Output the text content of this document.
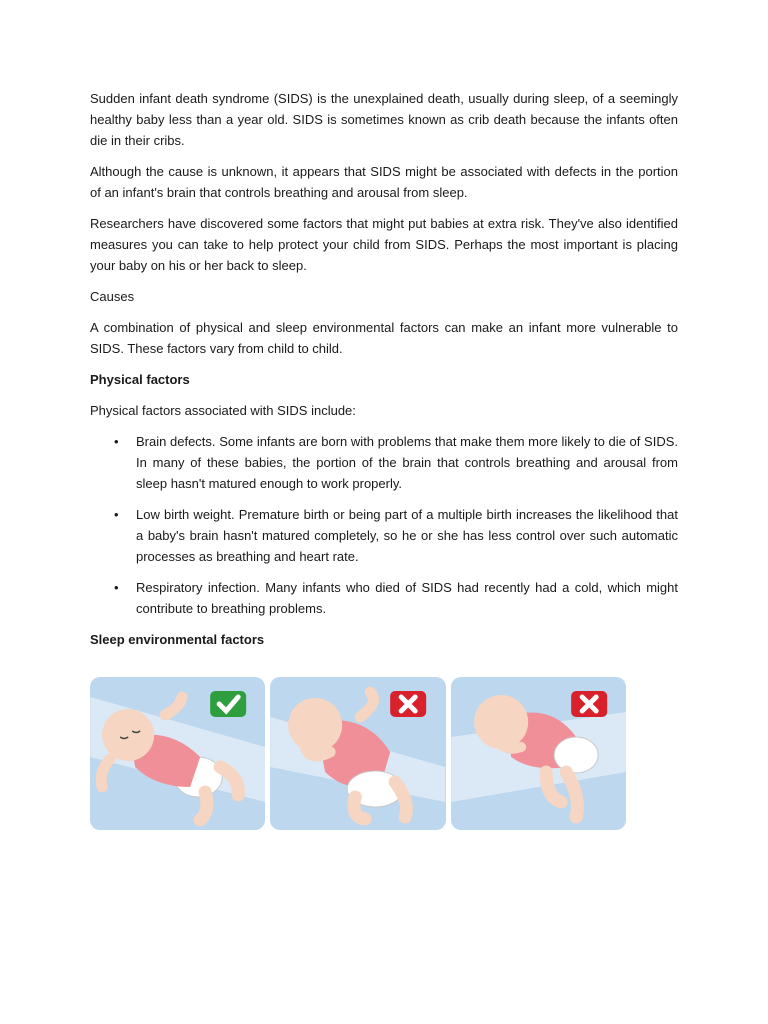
Sudden infant death syndrome (SIDS) is the unexplained death, usually during sleep, of a seemingly healthy baby less than a year old. SIDS is sometimes known as crib death because the infants often die in their cribs.

Although the cause is unknown, it appears that SIDS might be associated with defects in the portion of an infant's brain that controls breathing and arousal from sleep.

Researchers have discovered some factors that might put babies at extra risk. They've also identified measures you can take to help protect your child from SIDS. Perhaps the most important is placing your baby on his or her back to sleep.

Causes

A combination of physical and sleep environmental factors can make an infant more vulnerable to SIDS. These factors vary from child to child.

Physical factors

Physical factors associated with SIDS include:

• Brain defects. Some infants are born with problems that make them more likely to die of SIDS. In many of these babies, the portion of the brain that controls breathing and arousal from sleep hasn't matured enough to work properly.
• Low birth weight. Premature birth or being part of a multiple birth increases the likelihood that a baby's brain hasn't matured completely, so he or she has less control over such automatic processes as breathing and heart rate.
• Respiratory infection. Many infants who died of SIDS had recently had a cold, which might contribute to breathing problems.

Sleep environmental factors
